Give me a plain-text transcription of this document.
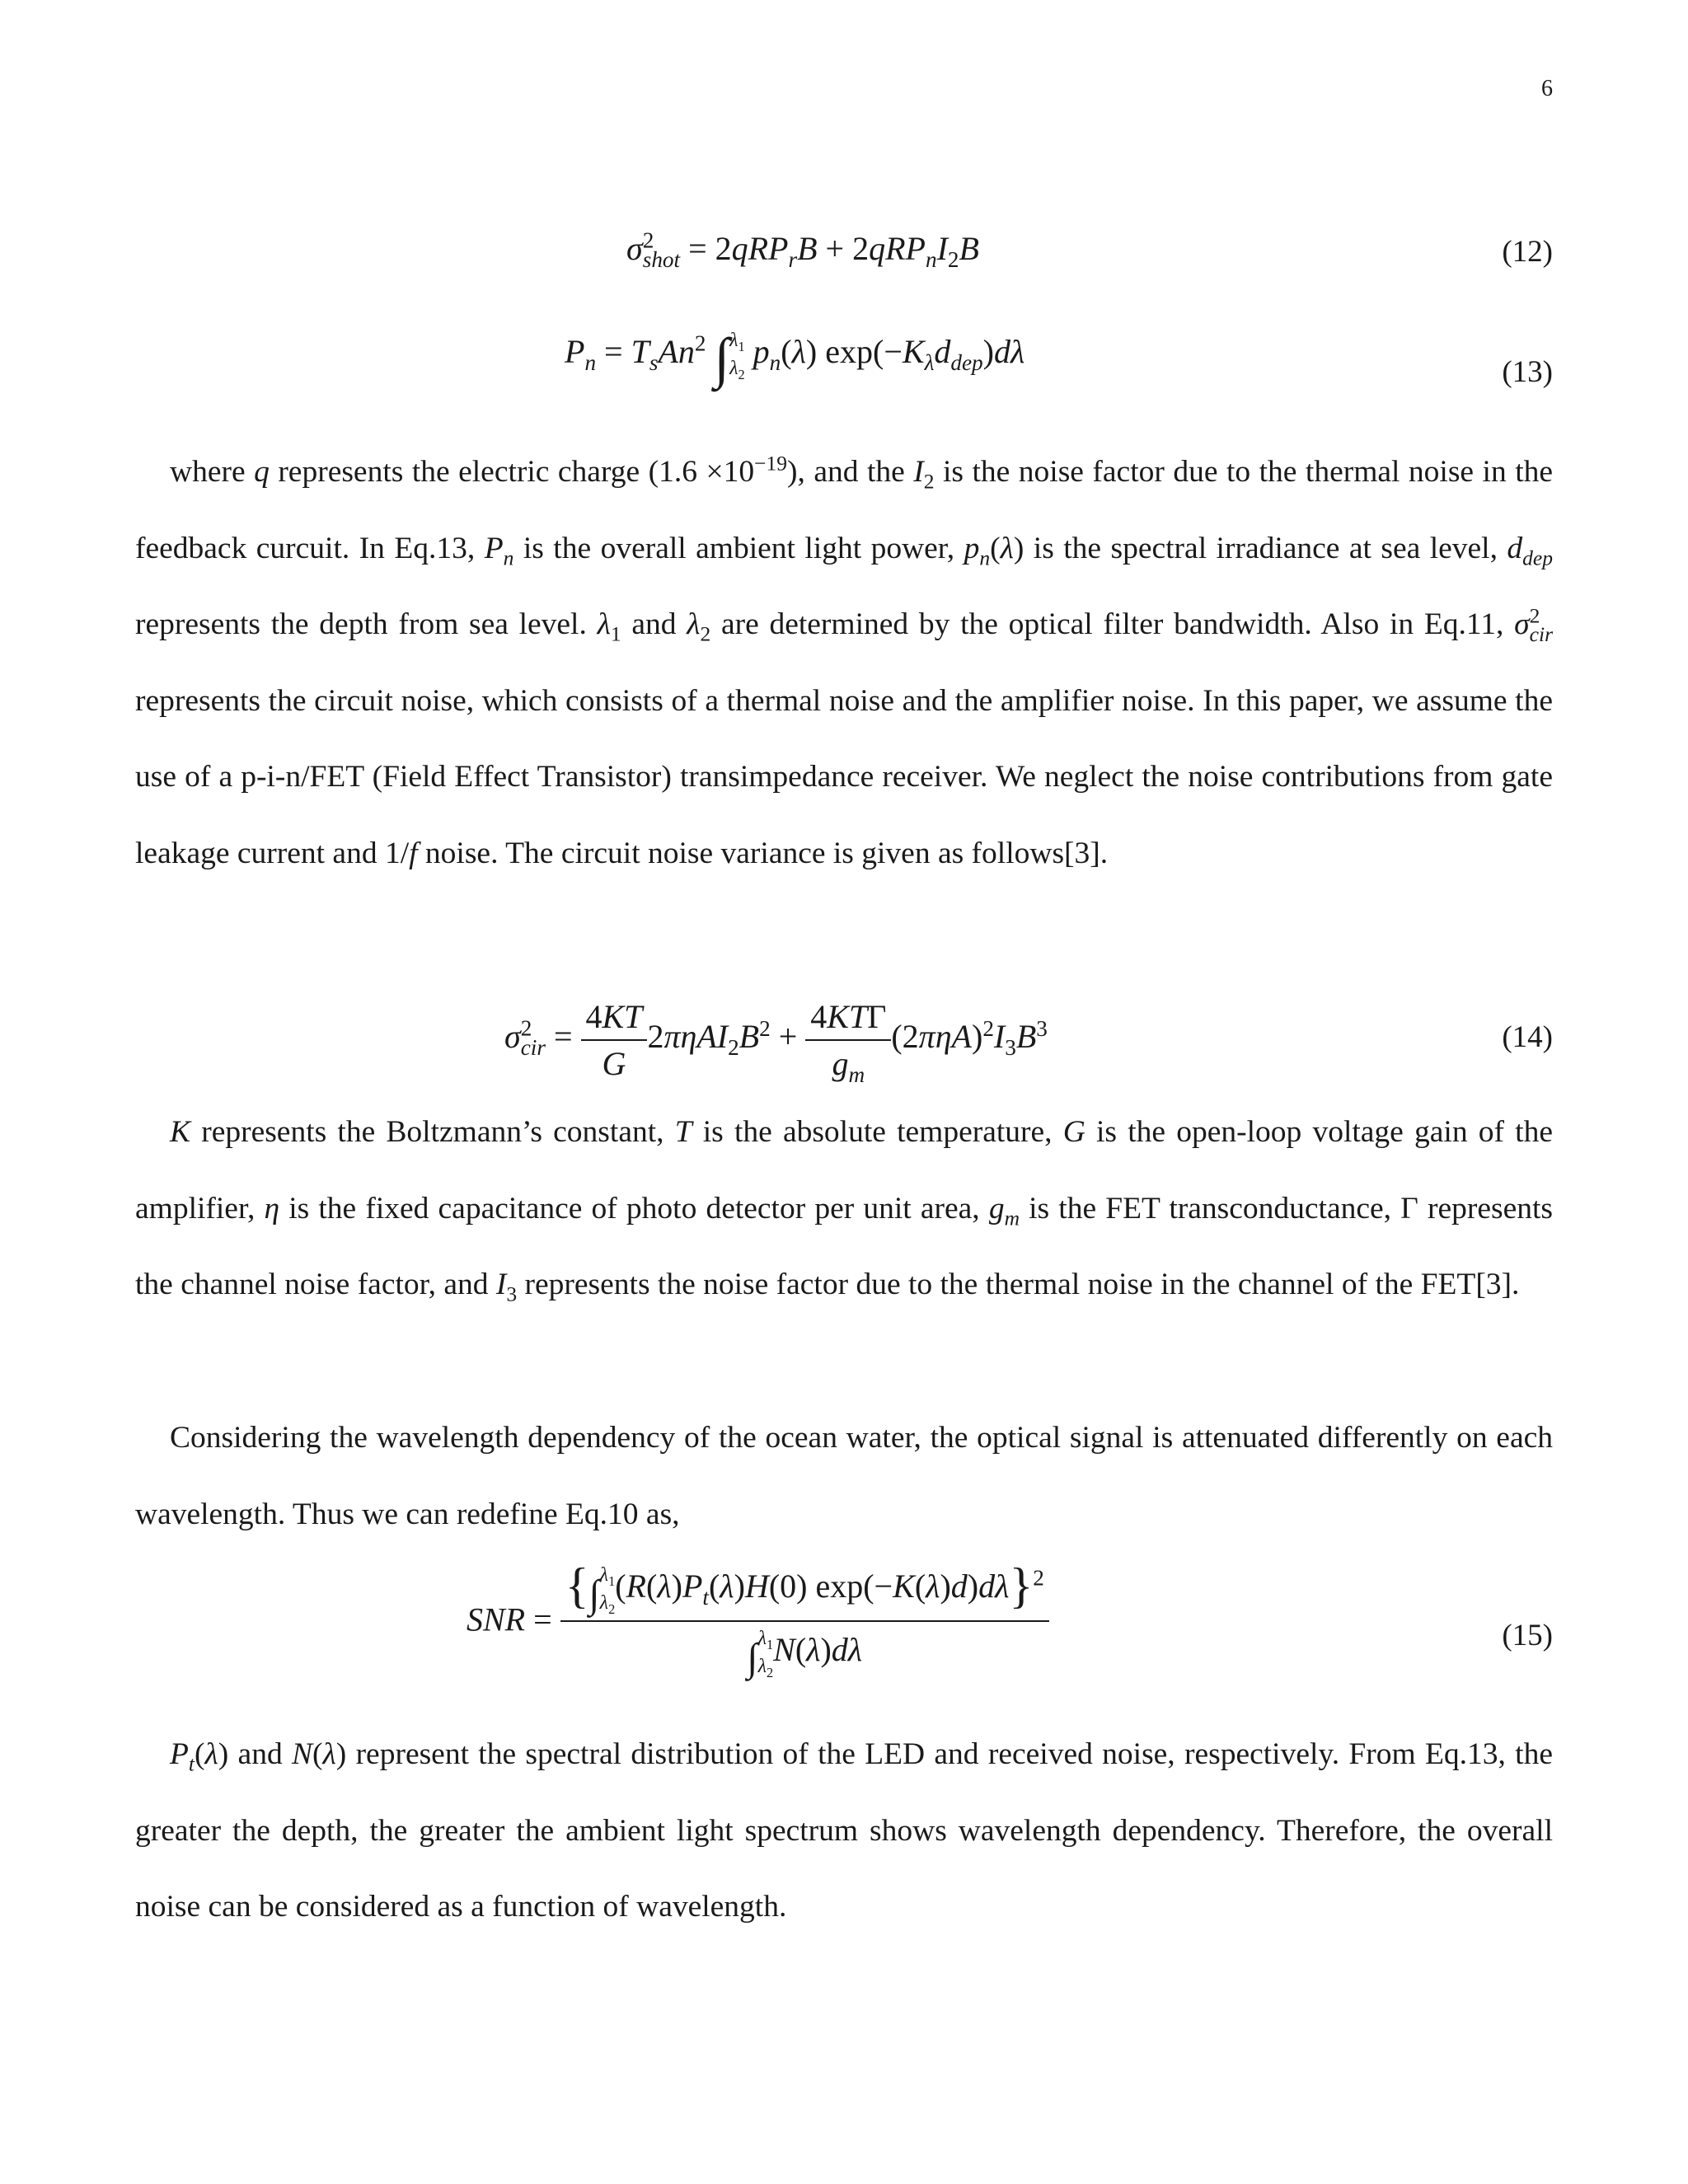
6
$\sigma^2_{shot} = 2qRP_rB + 2qRP_nI_2B$	(12)
$P_n = T_sAn^2$ ∫ $\lambda_1$
$\lambda_2$
$p_n(\lambda)$ $\exp(-K_\lambda d_{dep})d\lambda$
(13)
where q represents the electric charge $(1.6 \times 10^{-19})$, and the $I_2$ is the noise factor due to the thermal noise in the feedback curcuit. In Eq.13, $P_n$ is the overall ambient light power, $p_n(\lambda)$ is the spectral irradiance at sea level, $d_{dep}$ represents the depth from sea level. $\lambda_1$ and $\lambda_2$ are determined by the optical filter bandwidth. Also in Eq.11, $\sigma^2_{cir}$ represents the circuit noise, which consists of a thermal noise and the amplifier noise. In this paper, we assume the use of a p-i-n/FET (Field Effect Transistor) transimpedance receiver. We neglect the noise contributions from gate leakage current and 1/f noise. The circuit noise variance is given as follows[3].
$\sigma^2_{cir} = \frac{4KT}{G} 2\pi\eta AI_2B^2 + \frac{\text{4KTΓ}}{g_m} (2\pi\eta A)^2I_3B^3$	(14)
K represents the Boltzmann’s constant, T is the absolute temperature, G is the open-loop voltage gain of the amplifier, η is the fixed capacitance of photo detector per unit area, $g_m$ is the FET transconductance, Γ represents the channel noise factor, and $I_3$ represents the noise factor due to the thermal noise in the channel of the FET[3].
Considering the wavelength dependency of the ocean water, the optical signal is attenuated differently on each wavelength. Thus we can redefine Eq.10 as,
SNR = {∫ $\lambda_1$
$\lambda_2$
($R(\lambda)P_t(\lambda)H(0)$ exp(−K(λ)d)dλ}$^2$
∫ $\lambda_1$
$\lambda_2$
N(λ)dλ	(15)
$P_t(\lambda)$ and N(λ) represent the spectral distribution of the LED and received noise, respectively. From Eq.13, the greater the depth, the greater the ambient light spectrum shows wavelength dependency. Therefore, the overall noise can be considered as a function of wavelength.
